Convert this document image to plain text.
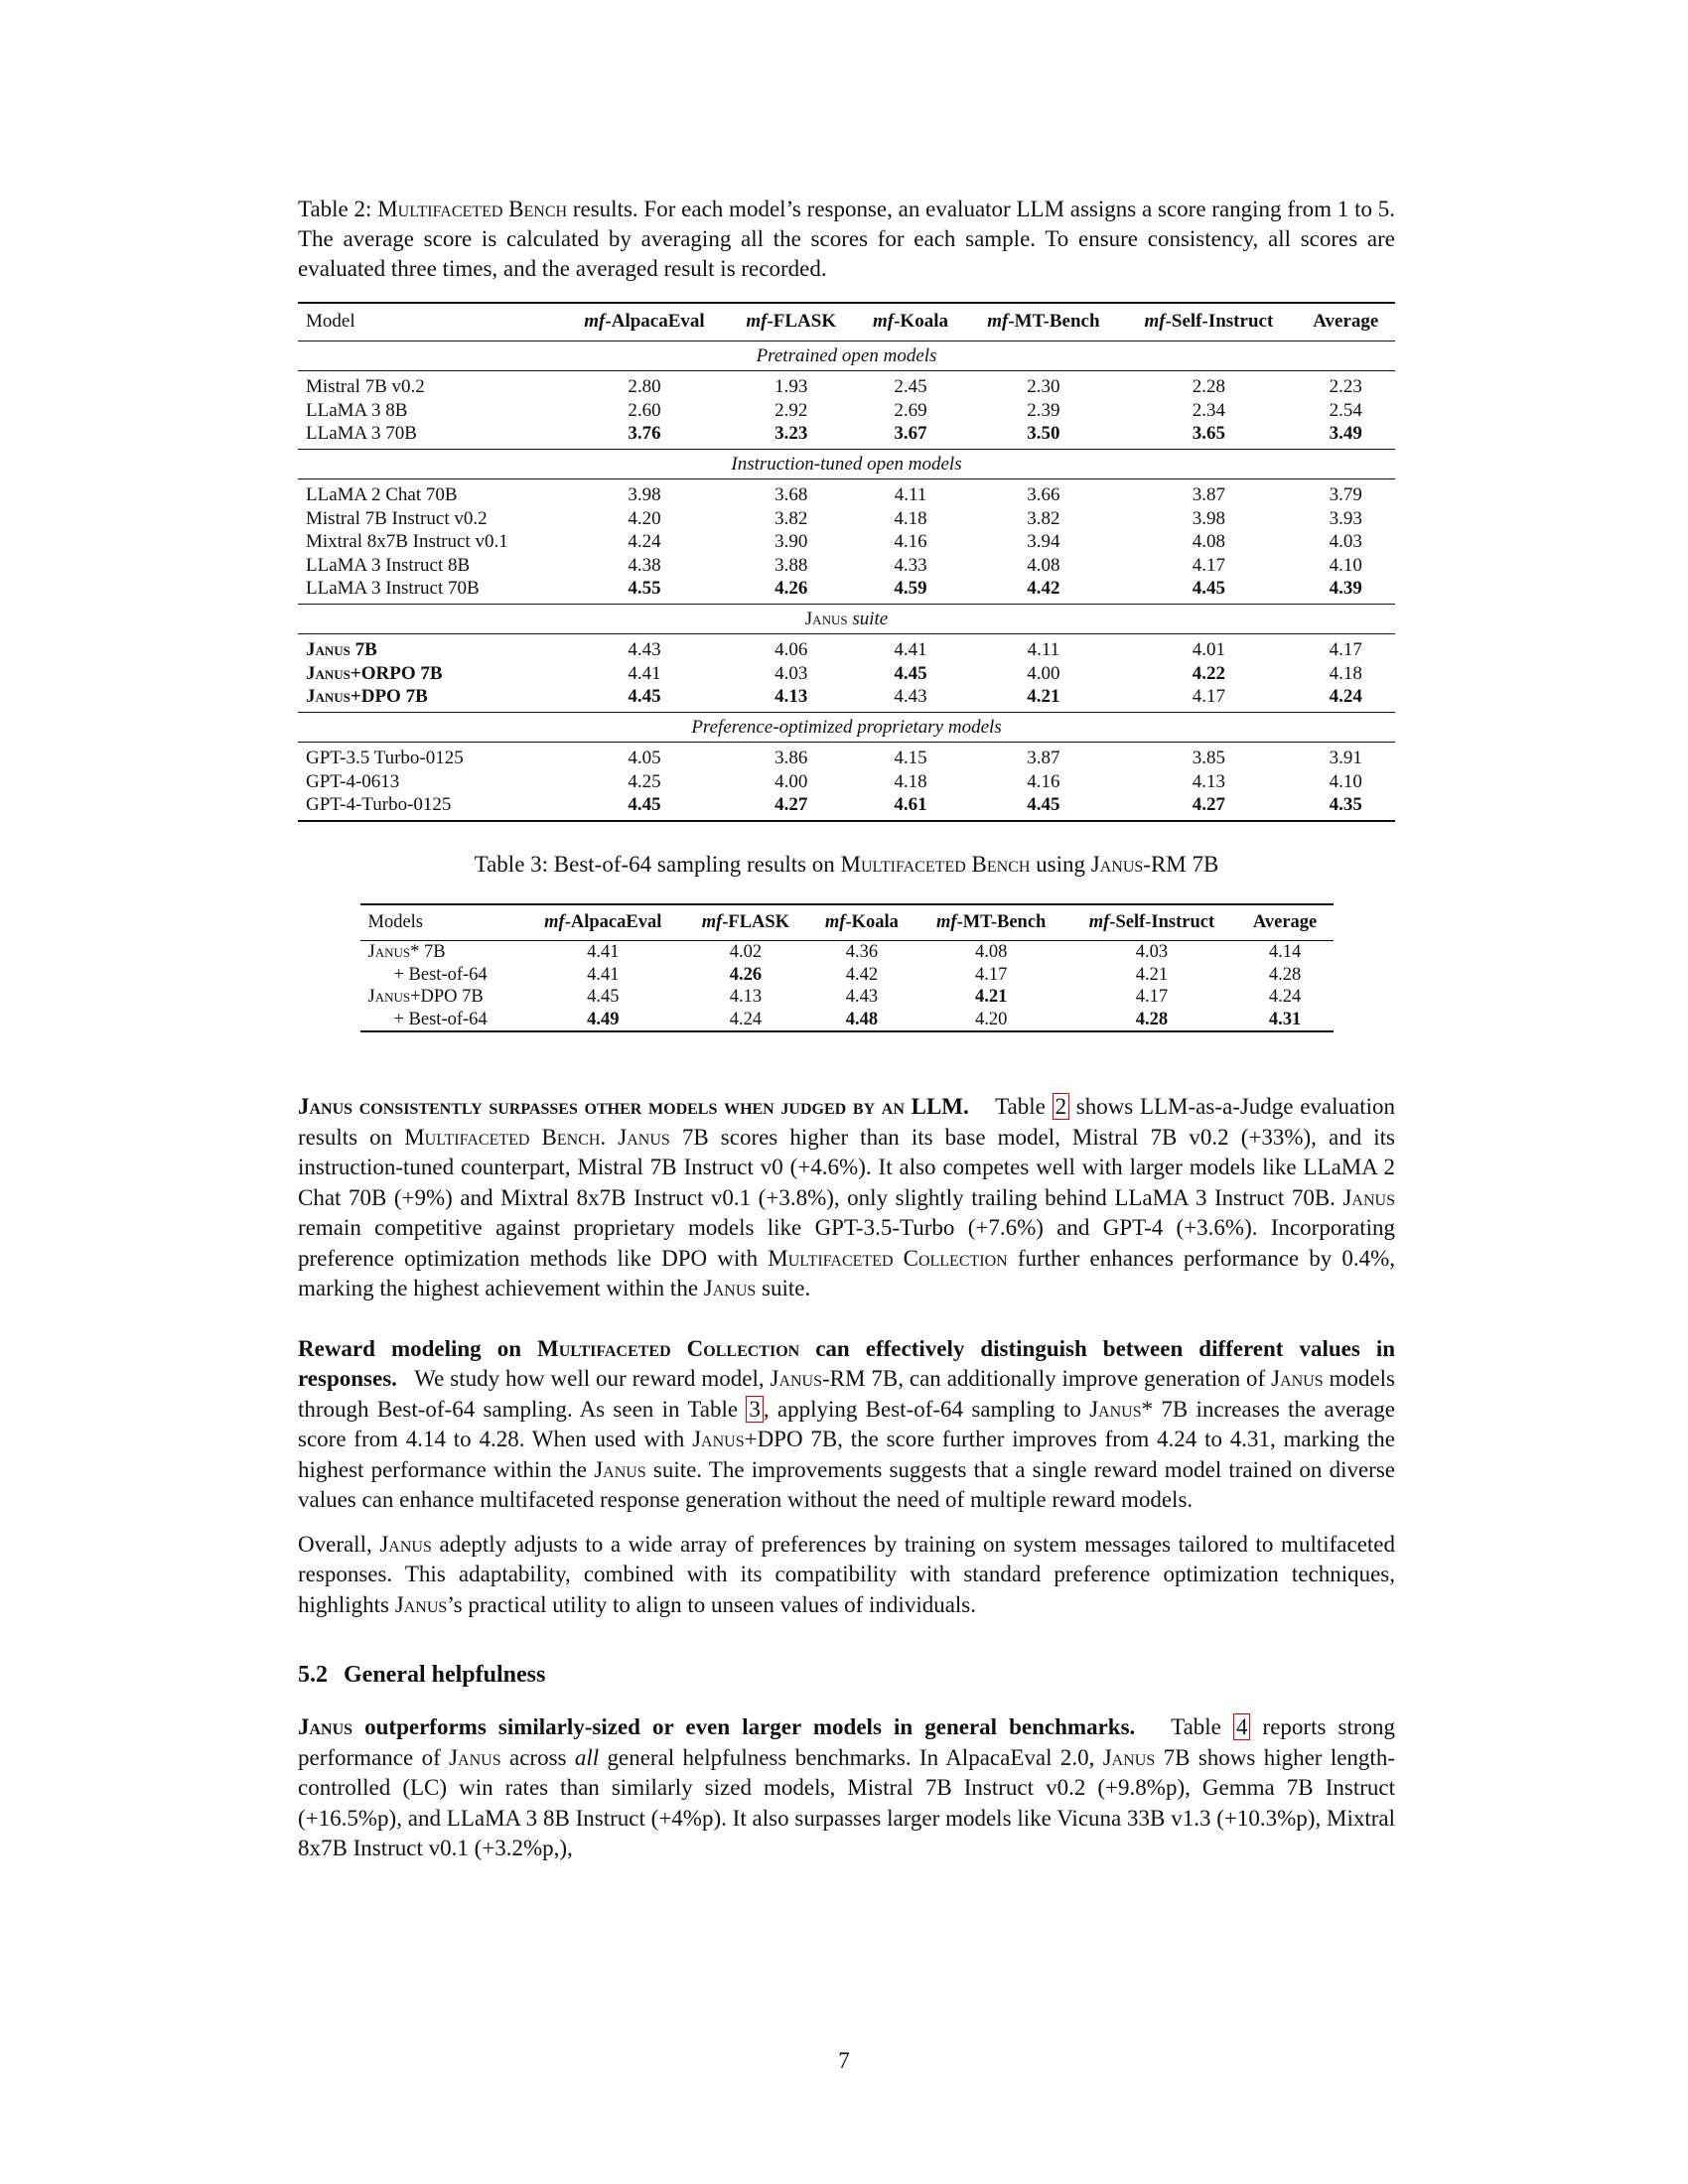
Table 2: Multifaceted Bench results. For each model’s response, an evaluator LLM assigns a score ranging from 1 to 5. The average score is calculated by averaging all the scores for each sample. To ensure consistency, all scores are evaluated three times, and the averaged result is recorded.
Model	mf-AlpacaEval	mf-FLASK	mf-Koala	mf-MT-Bench	mf-Self-Instruct	Average
Pretrained open models						
Mistral 7B v0.2	2.80	1.93	2.45	2.30	2.28	2.23
LLaMA 3 8B	2.60	2.92	2.69	2.39	2.34	2.54
LLaMA 3 70B	3.76	3.23	3.67	3.50	3.65	3.49
Instruction-tuned open models						
LLaMA 2 Chat 70B	3.98	3.68	4.11	3.66	3.87	3.79
Mistral 7B Instruct v0.2	4.20	3.82	4.18	3.82	3.98	3.93
Mixtral 8x7B Instruct v0.1	4.24	3.90	4.16	3.94	4.08	4.03
LLaMA 3 Instruct 8B	4.38	3.88	4.33	4.08	4.17	4.10
LLaMA 3 Instruct 70B	4.55	4.26	4.59	4.42	4.45	4.39
Janus suite						
Janus 7B	4.43	4.06	4.41	4.11	4.01	4.17
Janus+ORPO 7B	4.41	4.03	4.45	4.00	4.22	4.18
Janus+DPO 7B	4.45	4.13	4.43	4.21	4.17	4.24
Preference-optimized proprietary models						
GPT-3.5 Turbo-0125	4.05	3.86	4.15	3.87	3.85	3.91
GPT-4-0613	4.25	4.00	4.18	4.16	4.13	4.10
GPT-4-Turbo-0125	4.45	4.27	4.61	4.45	4.27	4.35
Table 3: Best-of-64 sampling results on Multifaceted Bench using Janus-RM 7B
Models	mf-AlpacaEval	mf-FLASK	mf-Koala	mf-MT-Bench	mf-Self-Instruct	Average
Janus* 7B	4.41	4.02	4.36	4.08	4.03	4.14
+ Best-of-64	4.41	4.26	4.42	4.17	4.21	4.28
Janus+DPO 7B	4.45	4.13	4.43	4.21	4.17	4.24
+ Best-of-64	4.49	4.24	4.48	4.20	4.28	4.31

Janus consistently surpasses other models when judged by an LLM. Table 2 shows LLM-as-a-Judge evaluation results on Multifaceted Bench. Janus 7B scores higher than its base model, Mistral 7B v0.2 (+33%), and its instruction-tuned counterpart, Mistral 7B Instruct v0 (+4.6%). It also competes well with larger models like LLaMA 2 Chat 70B (+9%) and Mixtral 8x7B Instruct v0.1 (+3.8%), only slightly trailing behind LLaMA 3 Instruct 70B. Janus remain competitive against proprietary models like GPT-3.5-Turbo (+7.6%) and GPT-4 (+3.6%). Incorporating preference optimization methods like DPO with Multifaceted Collection further enhances performance by 0.4%, marking the highest achievement within the Janus suite.

Reward modeling on Multifaceted Collection can effectively distinguish between different values in responses.   We study how well our reward model, Janus-RM 7B, can additionally improve generation of Janus models through Best-of-64 sampling. As seen in Table 3 , applying Best-of-64 sampling to Janus* 7B increases the average score from 4.14 to 4.28. When used with Janus+DPO 7B, the score further improves from 4.24 to 4.31, marking the highest performance within the Janus suite. The improvements suggests that a single reward model trained on diverse values can enhance multifaceted response generation without the need of multiple reward models.

Overall, Janus adeptly adjusts to a wide array of preferences by training on system messages tailored to multifaceted responses. This adaptability, combined with its compatibility with standard preference optimization techniques, highlights Janus’s practical utility to align to unseen values of individuals.

5.2 General helpfulness

Janus outperforms similarly-sized or even larger models in general benchmarks.   Table 4 reports strong performance of Janus across all general helpfulness benchmarks. In AlpacaEval 2.0, Janus 7B shows higher length-controlled (LC) win rates than similarly sized models, Mistral 7B Instruct v0.2 (+9.8%p), Gemma 7B Instruct (+16.5%p), and LLaMA 3 8B Instruct (+4%p). It also surpasses larger models like Vicuna 33B v1.3 (+10.3%p), Mixtral 8x7B Instruct v0.1 (+3.2%p,),

7
